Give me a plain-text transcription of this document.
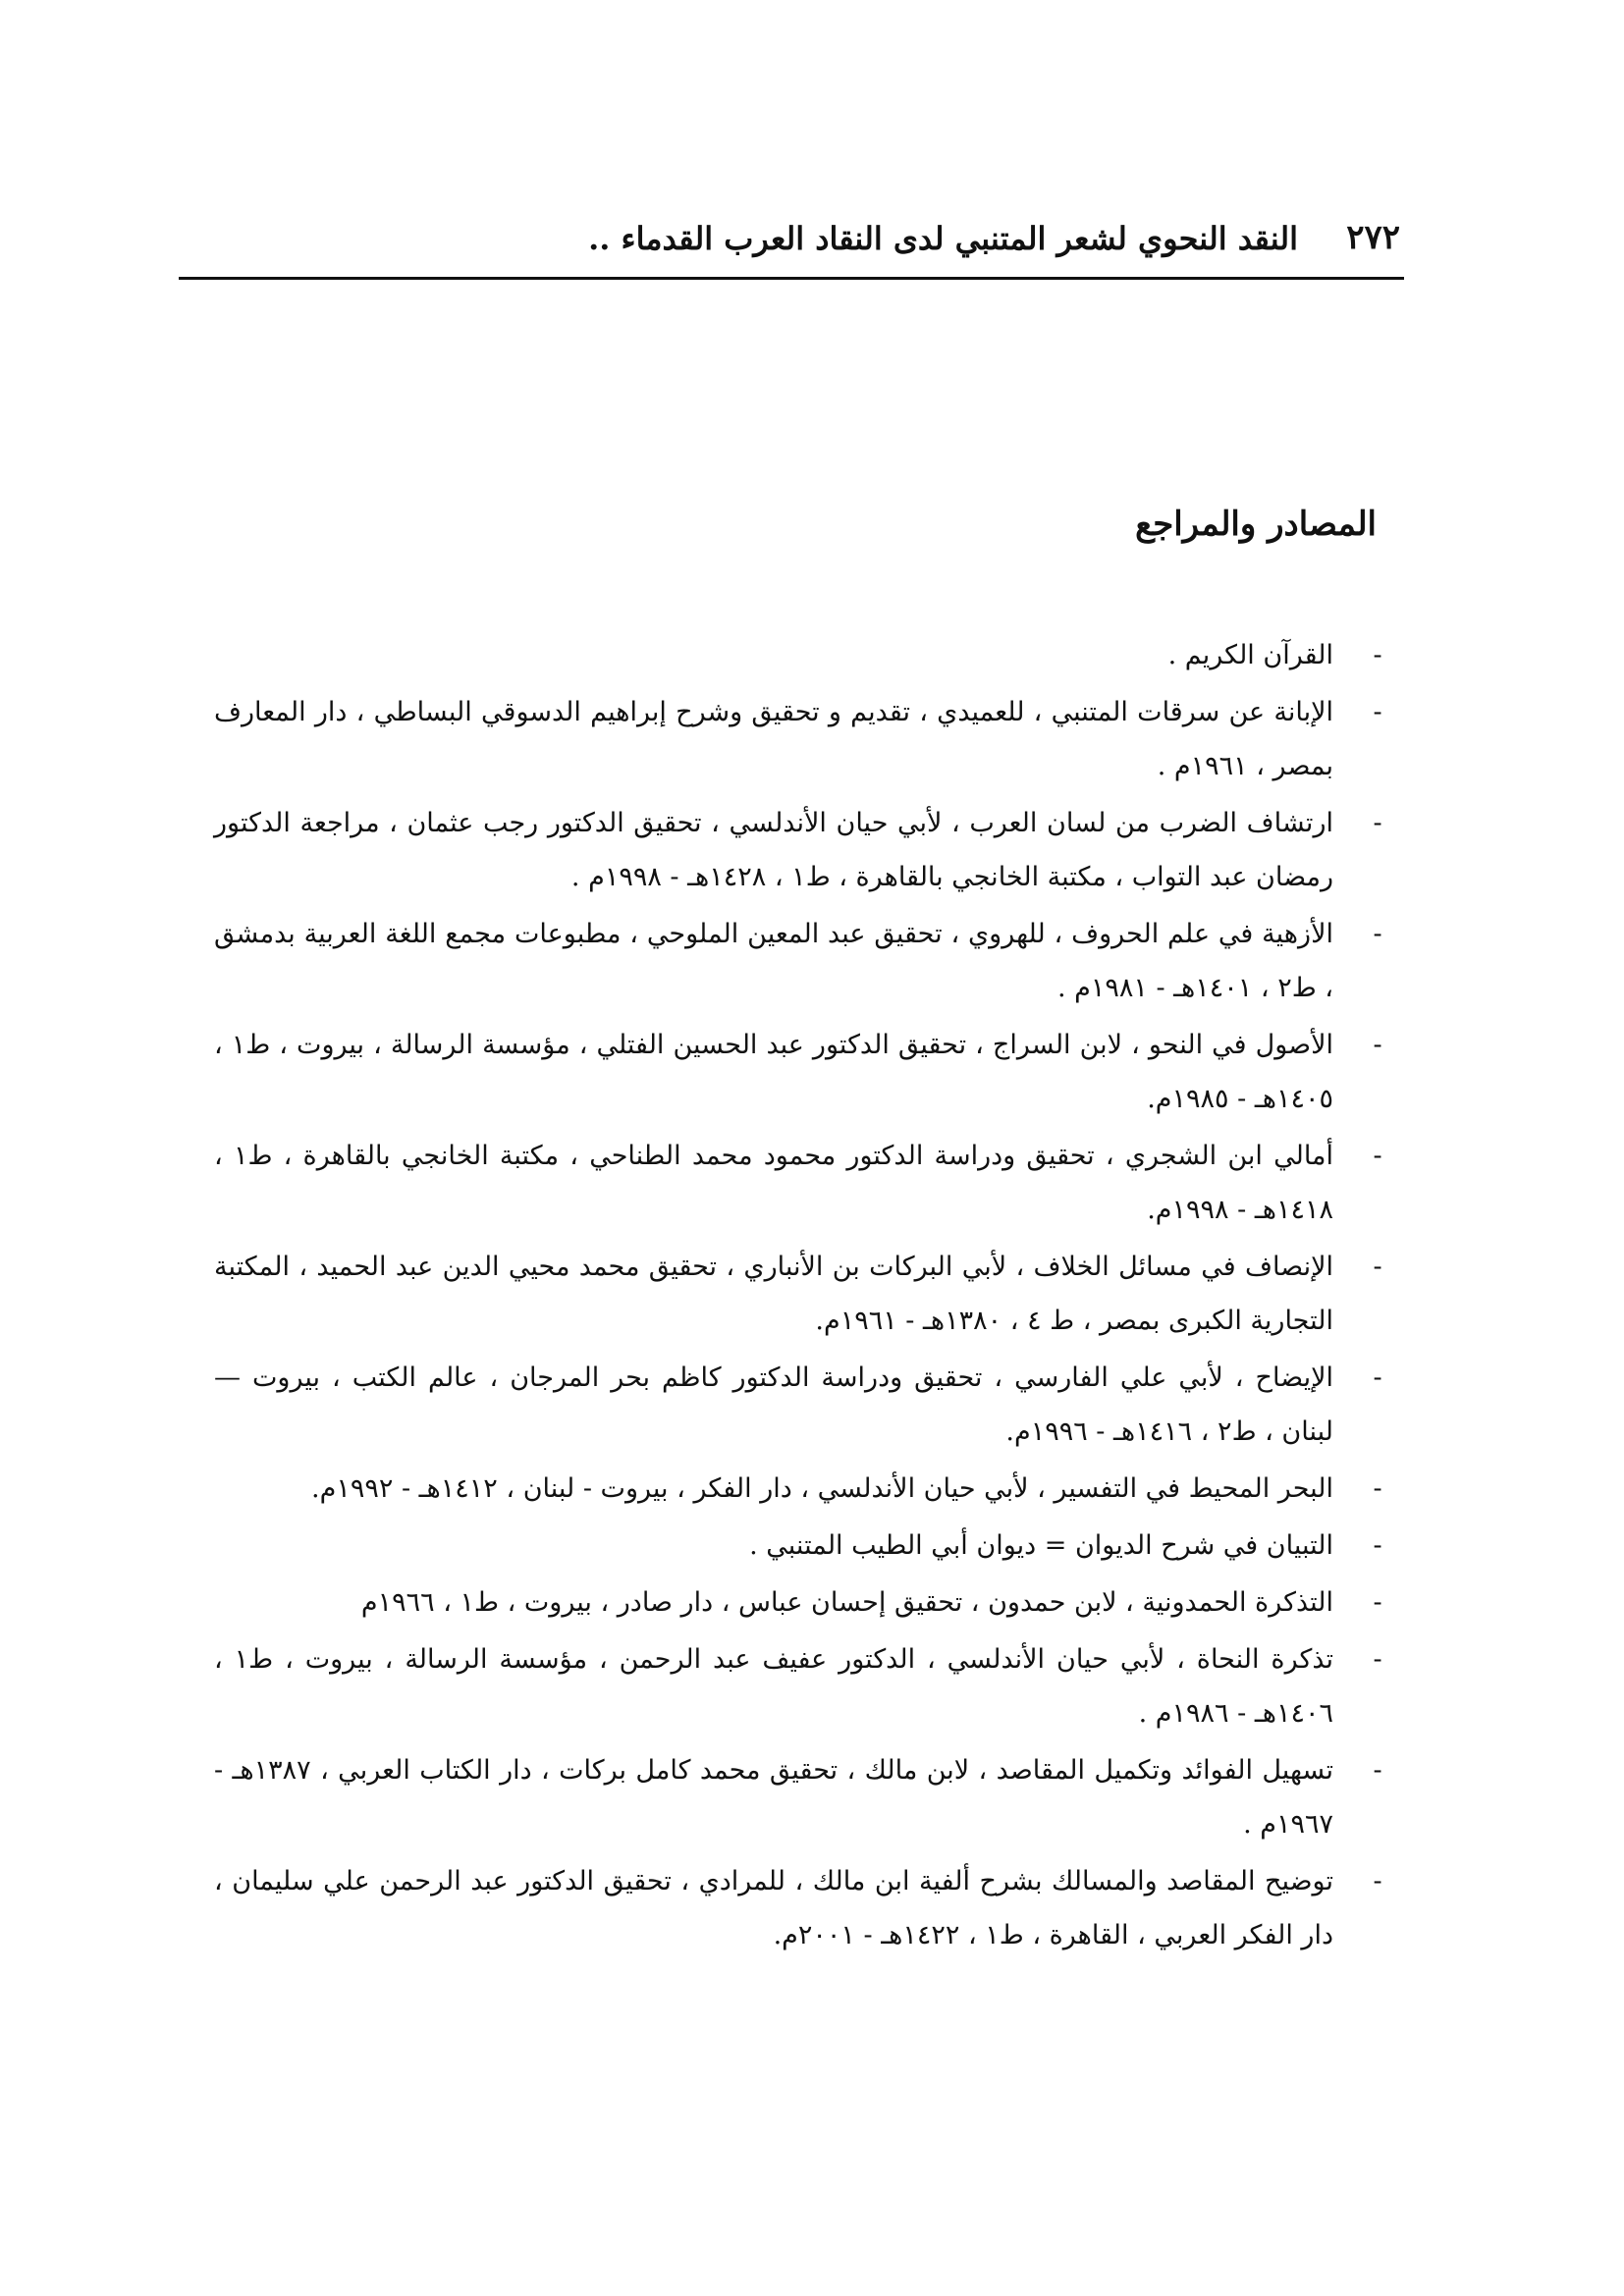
٢٧٢
النقد النحوي لشعر المتنبي لدى النقاد العرب القدماء ..
المصادر والمراجع
-
القرآن الكريم .
-
الإبانة عن سرقات المتنبي ، للعميدي ، تقديم و تحقيق وشرح إبراهيم الدسوقي البساطي ، دار المعارف بمصر ، ١٩٦١م .
-
ارتشاف الضرب من لسان العرب ، لأبي حيان الأندلسي ، تحقيق الدكتور رجب عثمان ، مراجعة الدكتور رمضان عبد التواب ، مكتبة الخانجي بالقاهرة ، ط١ ، ١٤٢٨هـ - ١٩٩٨م .
-
الأزهية في علم الحروف ، للهروي ، تحقيق عبد المعين الملوحي ، مطبوعات مجمع اللغة العربية بدمشق ، ط٢ ، ١٤٠١هـ - ١٩٨١م .
-
الأصول في النحو ، لابن السراج ، تحقيق الدكتور عبد الحسين الفتلي ، مؤسسة الرسالة ، بيروت ، ط١ ، ١٤٠٥هـ - ١٩٨٥م.
-
أمالي ابن الشجري ، تحقيق ودراسة الدكتور محمود محمد الطناحي ، مكتبة الخانجي بالقاهرة ، ط١ ، ١٤١٨هـ - ١٩٩٨م.
-
الإنصاف في مسائل الخلاف ، لأبي البركات بن الأنباري ، تحقيق محمد محيي الدين عبد الحميد ، المكتبة التجارية الكبرى بمصر ، ط ٤ ، ١٣٨٠هـ - ١٩٦١م.
-
الإيضاح ، لأبي علي الفارسي ، تحقيق ودراسة الدكتور كاظم بحر المرجان ، عالم الكتب ، بيروت — لبنان ، ط٢ ، ١٤١٦هـ - ١٩٩٦م.
-
البحر المحيط في التفسير ، لأبي حيان الأندلسي ، دار الفكر ، بيروت - لبنان ، ١٤١٢هـ - ١٩٩٢م.
-
التبيان في شرح الديوان = ديوان أبي الطيب المتنبي .
-
التذكرة الحمدونية ، لابن حمدون ، تحقيق إحسان عباس ، دار صادر ، بيروت ، ط١ ، ١٩٦٦م
-
تذكرة النحاة ، لأبي حيان الأندلسي ، الدكتور عفيف عبد الرحمن ، مؤسسة الرسالة ، بيروت ، ط١ ، ١٤٠٦هـ - ١٩٨٦م .
-
تسهيل الفوائد وتكميل المقاصد ، لابن مالك ، تحقيق محمد كامل بركات ، دار الكتاب العربي ، ١٣٨٧هـ - ١٩٦٧م .
-
توضيح المقاصد والمسالك بشرح ألفية ابن مالك ، للمرادي ، تحقيق الدكتور عبد الرحمن علي سليمان ، دار الفكر العربي ، القاهرة ، ط١ ، ١٤٢٢هـ - ٢٠٠١م.
